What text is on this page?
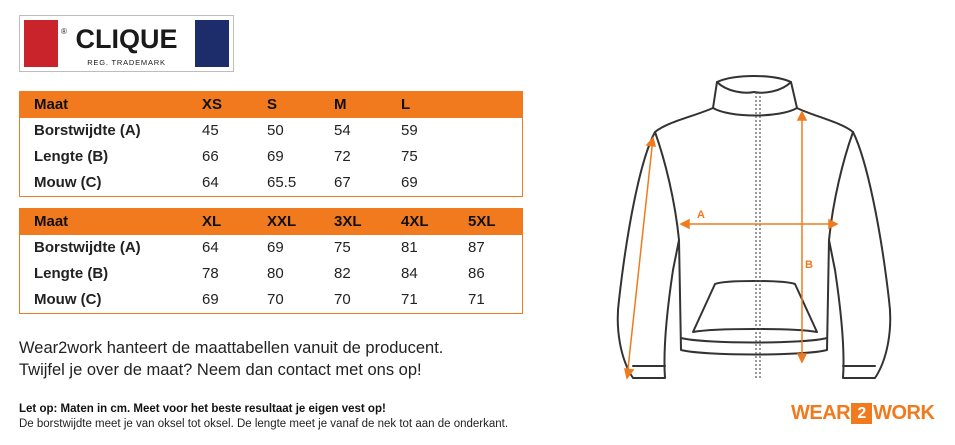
® CLIQUE
REG. TRADEMARK
Maat	XS	S	M	L
Borstwijdte (A)	45	50	54	59
Lengte (B)	66	69	72	75
Mouw (C)	64	65.5	67	69
Maat	XL	XXL	3XL	4XL	5XL
Borstwijdte (A)	64	69	75	81	87
Lengte (B)	78	80	82	84	86
Mouw (C)	69	70	70	71	71
Wear2work hanteert de maattabellen vanuit de producent.
Twijfel je over de maat? Neem dan contact met ons op!
Let op: Maten in cm. Meet voor het beste resultaat je eigen vest op!
De borstwijdte meet je van oksel tot oksel. De lengte meet je vanaf de nek tot aan de onderkant.
A
B
WEAR 2 WORK
